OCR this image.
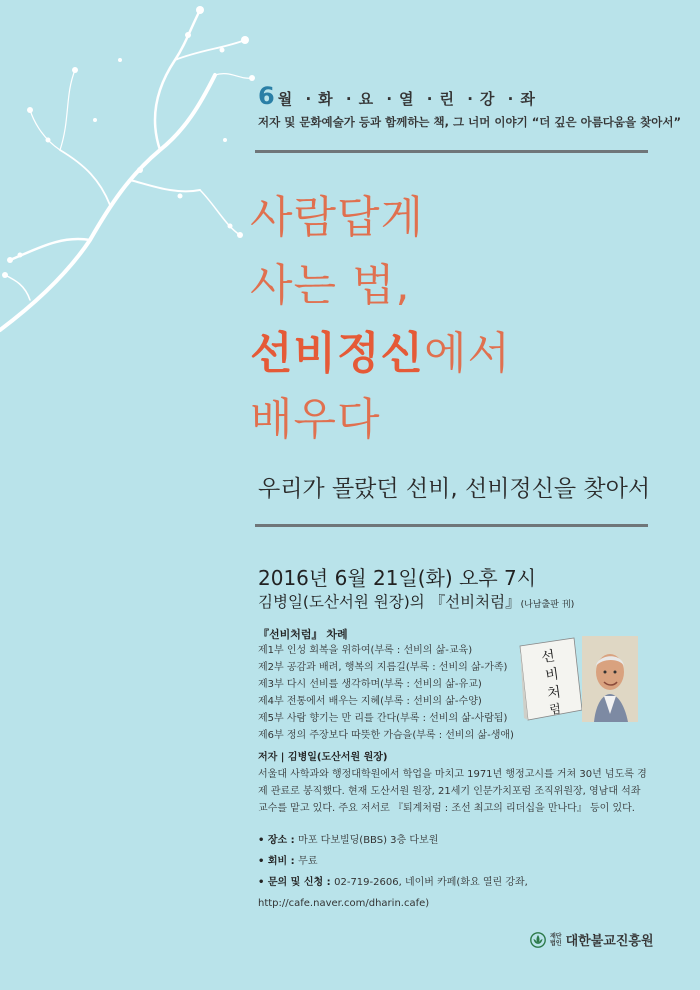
6 월 · 화 · 요 · 열 · 린 · 강 · 좌
저자 및 문화예술가 등과 함께하는 책, 그 너머 이야기 “더 깊은 아름다움을 찾아서”
사람답게
사는 법,
선비정신에서
배우다
우리가 몰랐던 선비, 선비정신을 찾아서
2016년 6월 21일(화) 오후 7시
김병일(도산서원 원장)의 『선비처럼』(나남출판 刊)
『선비처럼』 차례
제1부 인성 회복을 위하여(부록 : 선비의 삶-교육)
제2부 공감과 배려, 행복의 지름길(부록 : 선비의 삶-가족)
제3부 다시 선비를 생각하며(부록 : 선비의 삶-유교)
제4부 전통에서 배우는 지혜(부록 : 선비의 삶-수양)
제5부 사람 향기는 만 리를 간다(부록 : 선비의 삶-사람됨)
제6부 정의 주장보다 따뜻한 가슴을(부록 : 선비의 삶-생애)
선
비
처
럼
저자 | 김병일(도산서원 원장)
서울대 사학과와 행정대학원에서 학업을 마치고 1971년 행정고시를 거쳐 30년 넘도록 경제 관료로 봉직했다. 현재 도산서원 원장, 21세기 인문가치포럼 조직위원장, 영남대 석좌교수를 맡고 있다. 주요 저서로 『퇴계처럼 : 조선 최고의 리더십을 만나다』 등이 있다.
• 장소 : 마포 다보빌딩(BBS) 3층 다보원
• 회비 : 무료
• 문의 및 신청 : 02-719-2606, 네이버 카페(화요 열린 강좌, http://cafe.naver.com/dharin.cafe)
재단
법인 대한불교진흥원
